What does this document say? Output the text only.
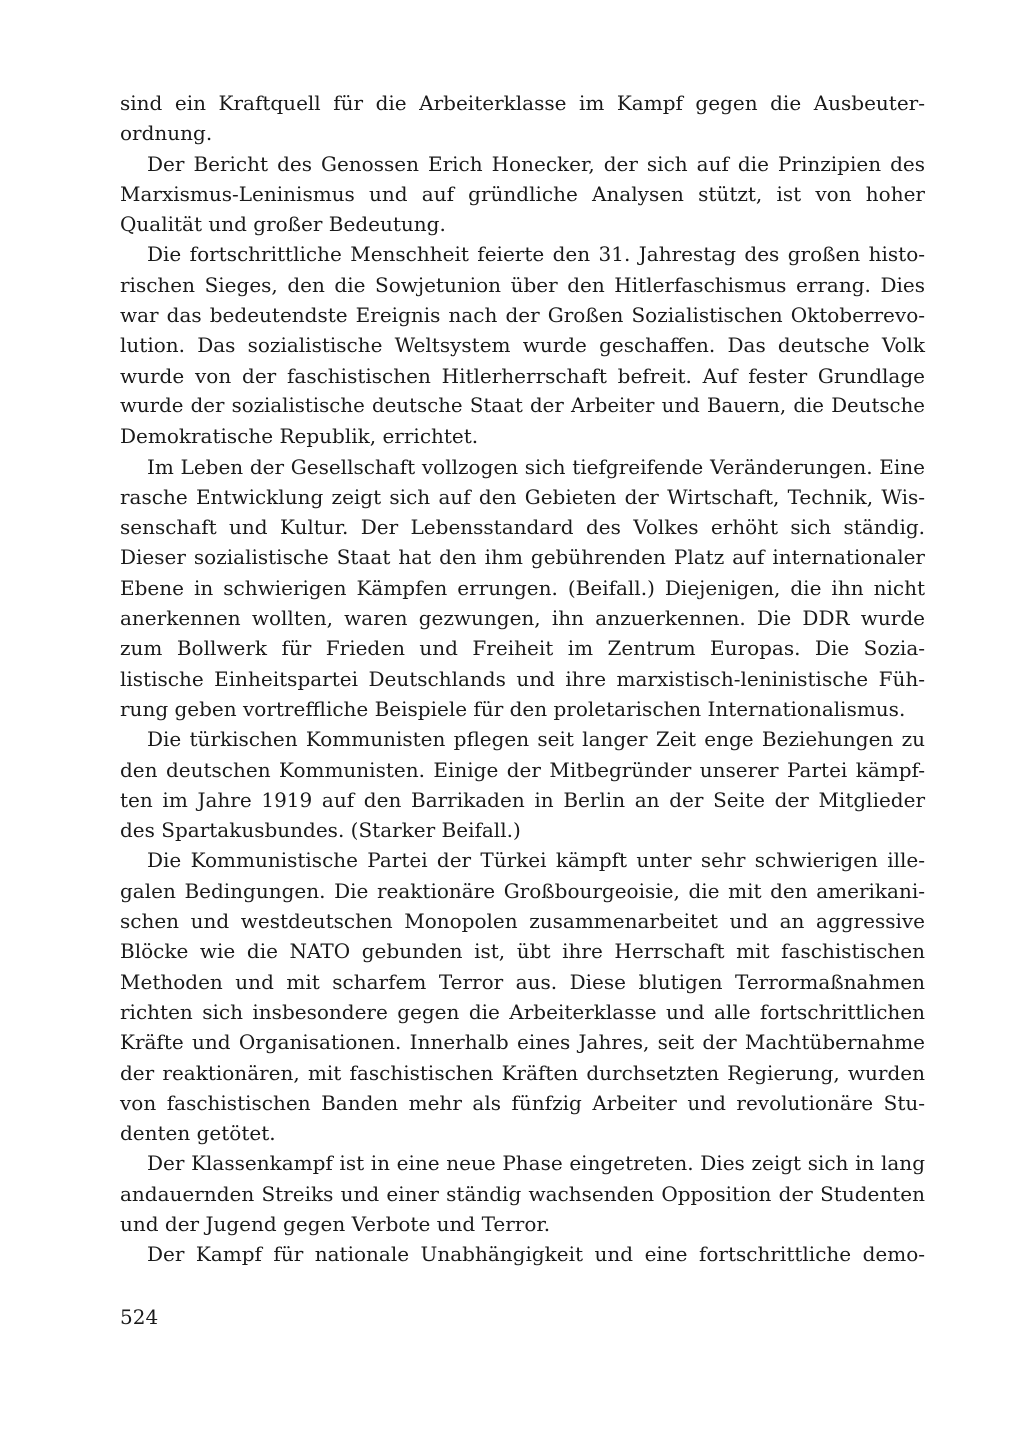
sind ein Kraftquell für die Arbeiterklasse im Kampf gegen die Ausbeuter-
ordnung.
Der Bericht des Genossen Erich Honecker, der sich auf die Prinzipien des
Marxismus-Leninismus und auf gründliche Analysen stützt, ist von hoher
Qualität und großer Bedeutung.
Die fortschrittliche Menschheit feierte den 31. Jahrestag des großen histo-
rischen Sieges, den die Sowjetunion über den Hitlerfaschismus errang. Dies
war das bedeutendste Ereignis nach der Großen Sozialistischen Oktoberrevo-
lution. Das sozialistische Weltsystem wurde geschaffen. Das deutsche Volk
wurde von der faschistischen Hitlerherrschaft befreit. Auf fester Grundlage
wurde der sozialistische deutsche Staat der Arbeiter und Bauern, die Deutsche
Demokratische Republik, errichtet.
Im Leben der Gesellschaft vollzogen sich tiefgreifende Veränderungen. Eine
rasche Entwicklung zeigt sich auf den Gebieten der Wirtschaft, Technik, Wis-
senschaft und Kultur. Der Lebensstandard des Volkes erhöht sich ständig.
Dieser sozialistische Staat hat den ihm gebührenden Platz auf internationaler
Ebene in schwierigen Kämpfen errungen. (Beifall.) Diejenigen, die ihn nicht
anerkennen wollten, waren gezwungen, ihn anzuerkennen. Die DDR wurde
zum Bollwerk für Frieden und Freiheit im Zentrum Europas. Die Sozia-
listische Einheitspartei Deutschlands und ihre marxistisch-leninistische Füh-
rung geben vortreffliche Beispiele für den proletarischen Internationalismus.
Die türkischen Kommunisten pflegen seit langer Zeit enge Beziehungen zu
den deutschen Kommunisten. Einige der Mitbegründer unserer Partei kämpf-
ten im Jahre 1919 auf den Barrikaden in Berlin an der Seite der Mitglieder
des Spartakusbundes. (Starker Beifall.)
Die Kommunistische Partei der Türkei kämpft unter sehr schwierigen ille-
galen Bedingungen. Die reaktionäre Großbourgeoisie, die mit den amerikani-
schen und westdeutschen Monopolen zusammenarbeitet und an aggressive
Blöcke wie die NATO gebunden ist, übt ihre Herrschaft mit faschistischen
Methoden und mit scharfem Terror aus. Diese blutigen Terrormaßnahmen
richten sich insbesondere gegen die Arbeiterklasse und alle fortschrittlichen
Kräfte und Organisationen. Innerhalb eines Jahres, seit der Machtübernahme
der reaktionären, mit faschistischen Kräften durchsetzten Regierung, wurden
von faschistischen Banden mehr als fünfzig Arbeiter und revolutionäre Stu-
denten getötet.
Der Klassenkampf ist in eine neue Phase eingetreten. Dies zeigt sich in lang
andauernden Streiks und einer ständig wachsenden Opposition der Studenten
und der Jugend gegen Verbote und Terror.
Der Kampf für nationale Unabhängigkeit und eine fortschrittliche demo-
524
